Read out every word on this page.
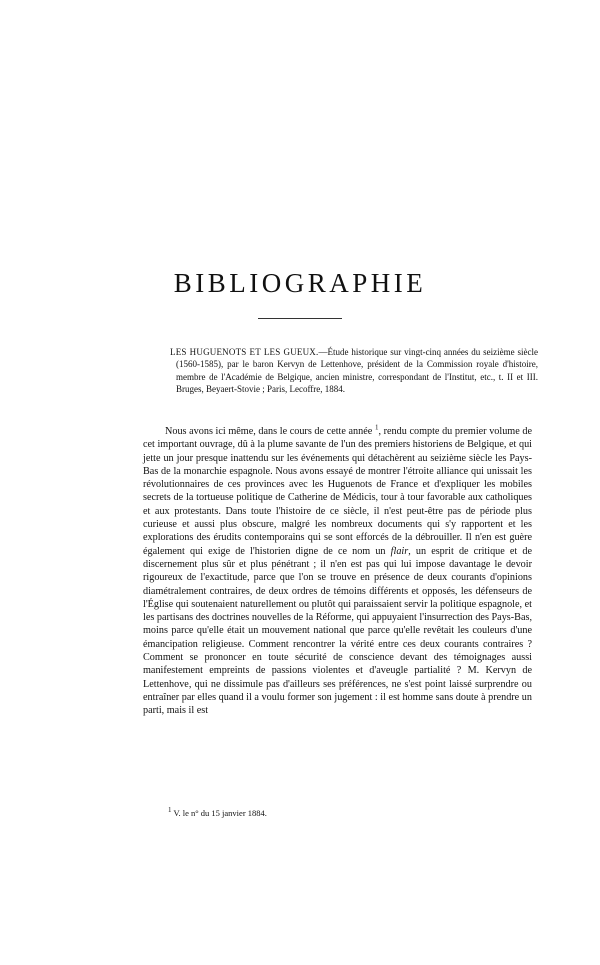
BIBLIOGRAPHIE

LES HUGUENOTS ET LES GUEUX.—Étude historique sur vingt-cinq années du seizième siècle (1560-1585), par le baron Kervyn de Lettenhove, président de la Commission royale d'histoire, membre de l'Académie de Belgique, ancien ministre, correspondant de l'Institut, etc., t. II et III. Bruges, Beyaert-Stovie ; Paris, Lecoffre, 1884.

Nous avons ici même, dans le cours de cette année $^1$, rendu compte du premier volume de cet important ouvrage, dû à la plume savante de l'un des premiers historiens de Belgique, et qui jette un jour presque inattendu sur les événements qui détachèrent au seizième siècle les Pays-Bas de la monarchie espagnole. Nous avons essayé de montrer l'étroite alliance qui unissait les révolutionnaires de ces provinces avec les Huguenots de France et d'expliquer les mobiles secrets de la tortueuse politique de Catherine de Médicis, tour à tour favorable aux catholiques et aux protestants. Dans toute l'histoire de ce siècle, il n'est peut-être pas de période plus curieuse et aussi plus obscure, malgré les nombreux documents qui s'y rapportent et les explorations des érudits contemporains qui se sont efforcés de la débrouiller. Il n'en est guère également qui exige de l'historien digne de ce nom un flair, un esprit de critique et de discernement plus sûr et plus pénétrant ; il n'en est pas qui lui impose davantage le devoir rigoureux de l'exactitude, parce que l'on se trouve en présence de deux courants d'opinions diamétralement contraires, de deux ordres de témoins différents et opposés, les défenseurs de l'Église qui soutenaient naturellement ou plutôt qui paraissaient servir la politique espagnole, et les partisans des doctrines nouvelles de la Réforme, qui appuyaient l'insurrection des Pays-Bas, moins parce qu'elle était un mouvement national que parce qu'elle revêtait les couleurs d'une émancipation religieuse. Comment rencontrer la vérité entre ces deux courants contraires ? Comment se prononcer en toute sécurité de conscience devant des témoignages aussi manifestement empreints de passions violentes et d'aveugle partialité ? M. Kervyn de Lettenhove, qui ne dissimule pas d'ailleurs ses préférences, ne s'est point laissé surprendre ou entraîner par elles quand il a voulu former son jugement : il est homme sans doute à prendre un parti, mais il est

$^1$ V. le n° du 15 janvier 1884.
